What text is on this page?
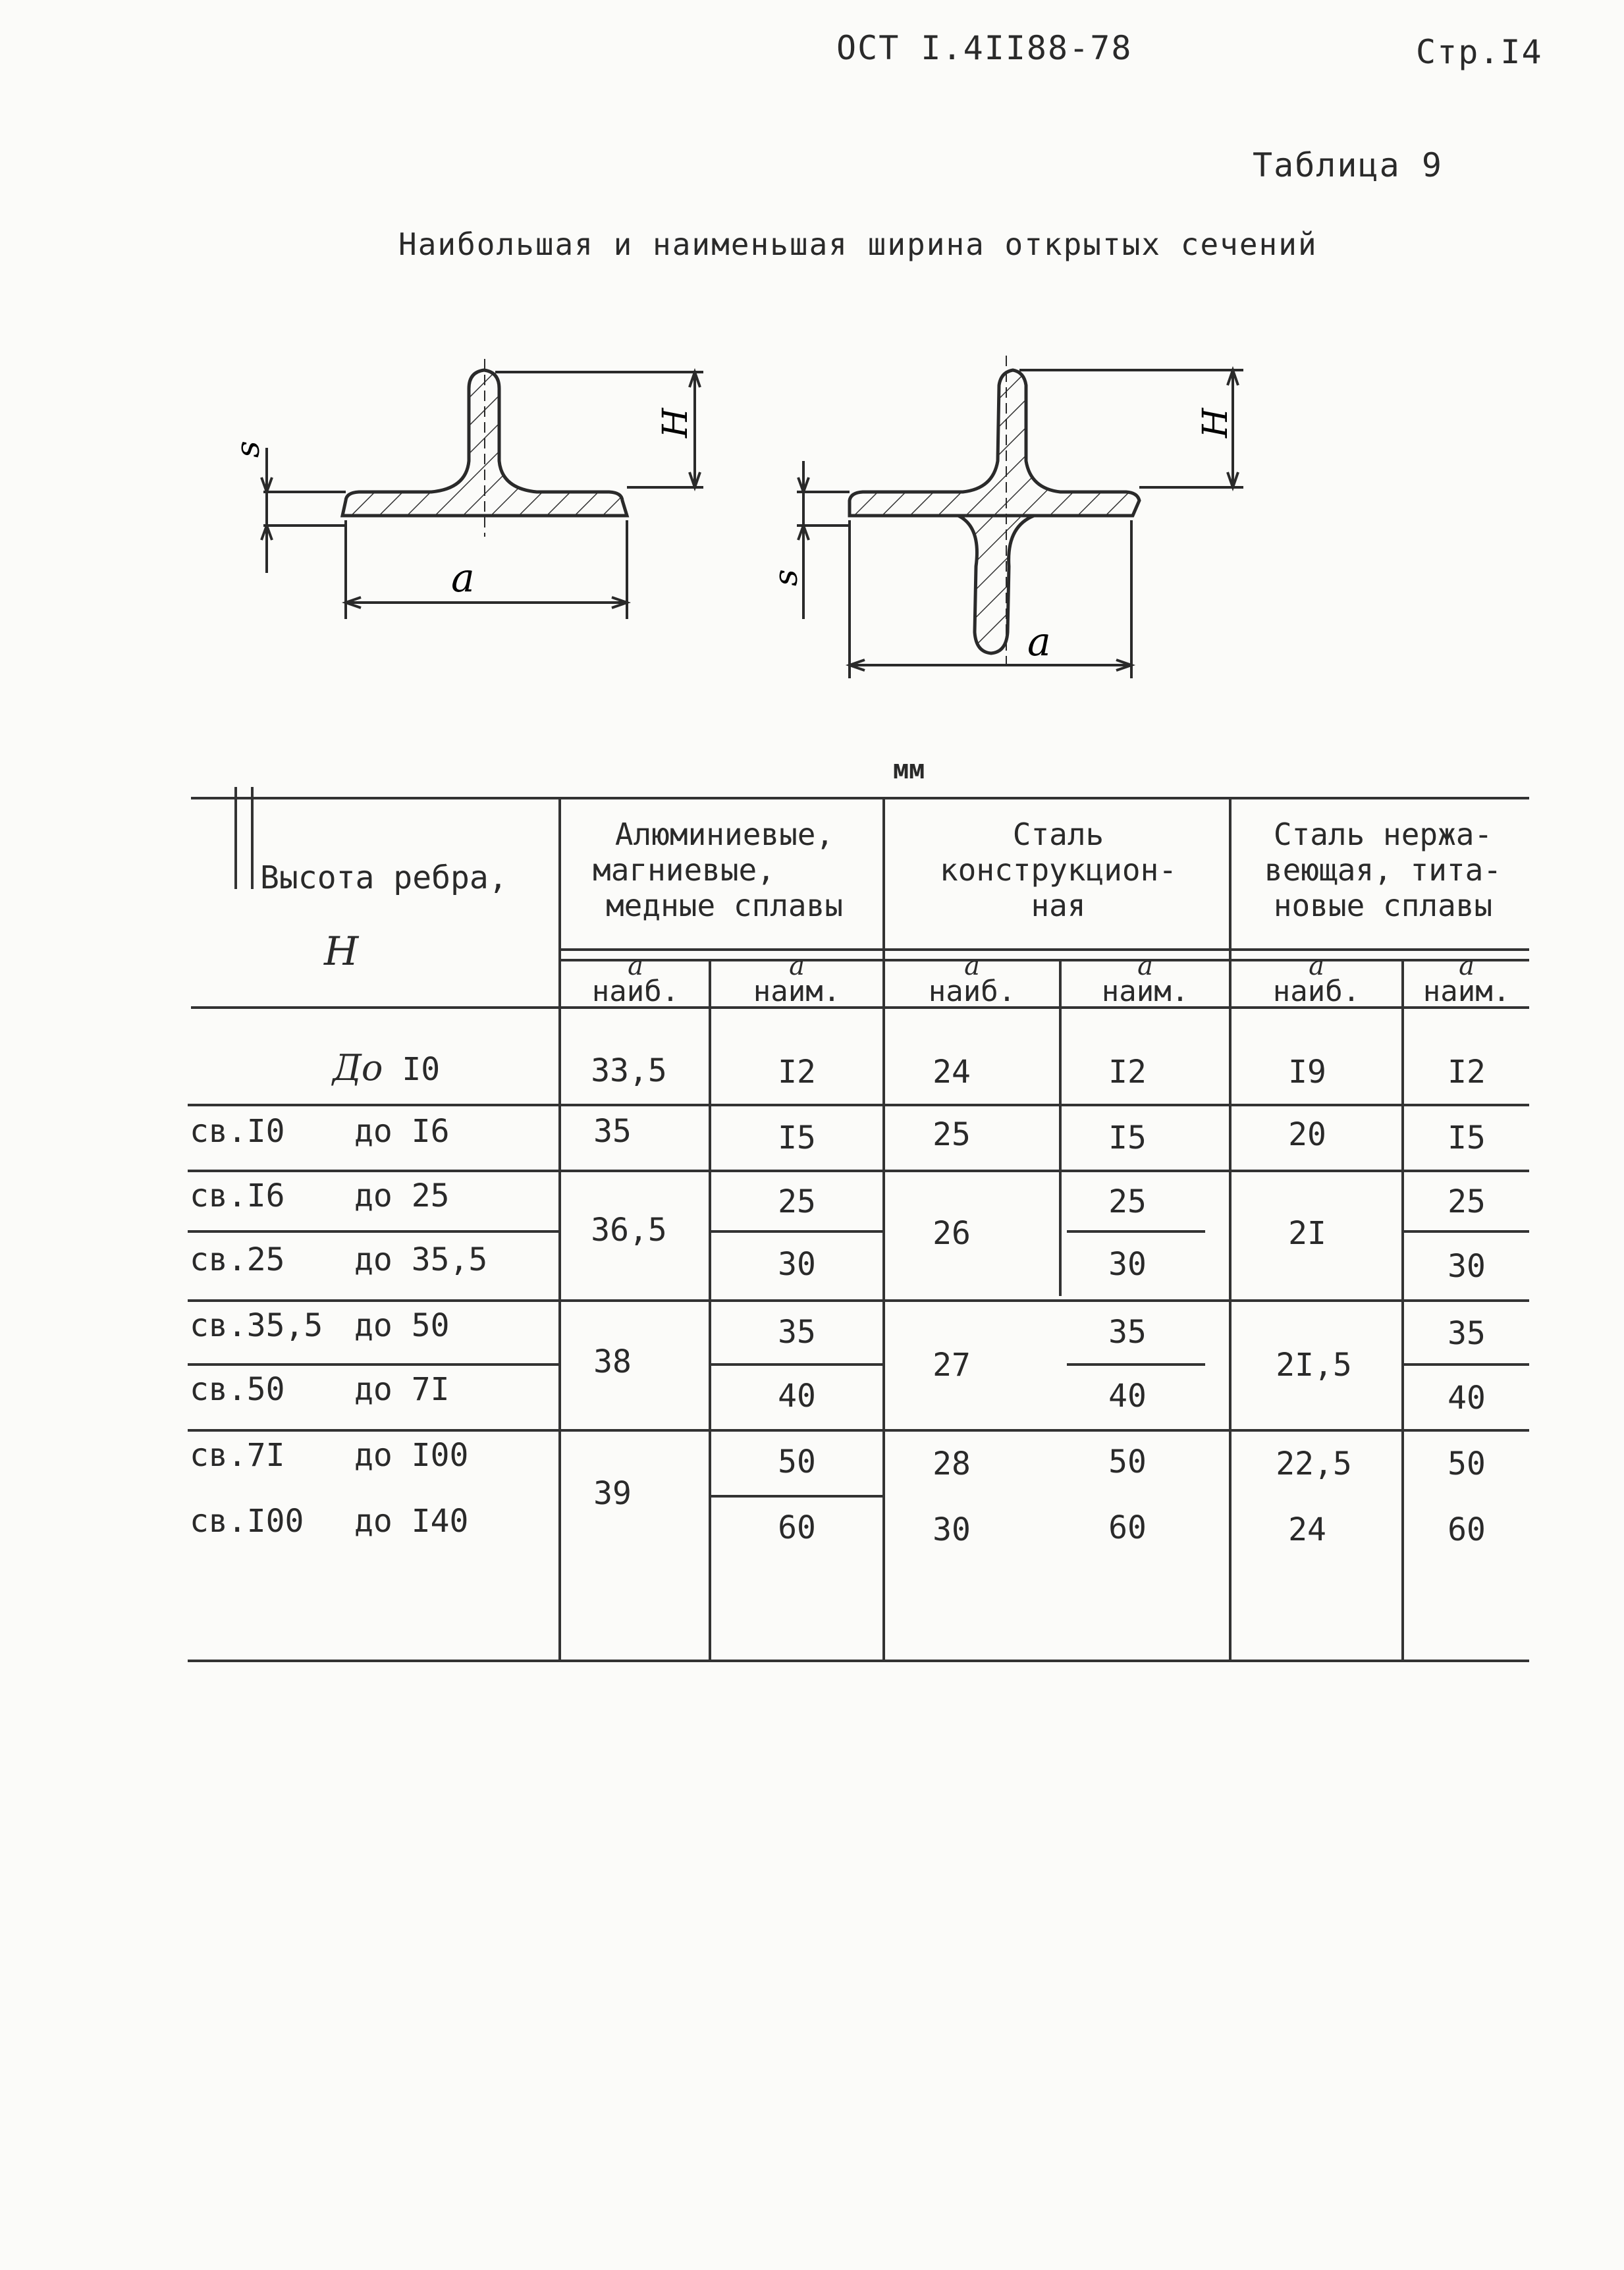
ОСТ I.4II88-78	Стр.I4
Таблица 9
Наибольшая и наименьшая ширина открытых сечений
a
H
s
a
H
s
мм
Высота ребра,
H
Алюминиевые,
магниевые,
медные сплавы
Сталь
конструкцион-
ная
Сталь нержа-
веющая, тита-
новые сплавы
a
наиб.
a
наим.
a
наиб.
a
наим.
a
наиб.
a
наим.
До I0
св.I0 до I6
св.I6 до 25
св.25 до 35,5
св.35,5 до 50
св.50 до 7I
св.7I до I00
св.I00 до I40
33,5
35
36,5
38
39
I2
I5
25
30
35
40
50
60
24
25
26
27
28
30
I2
I5
25
30
35
40
50
60
I9
20
2I
2I,5
22,5
24
I2
I5
25
30
35
40
50
60
